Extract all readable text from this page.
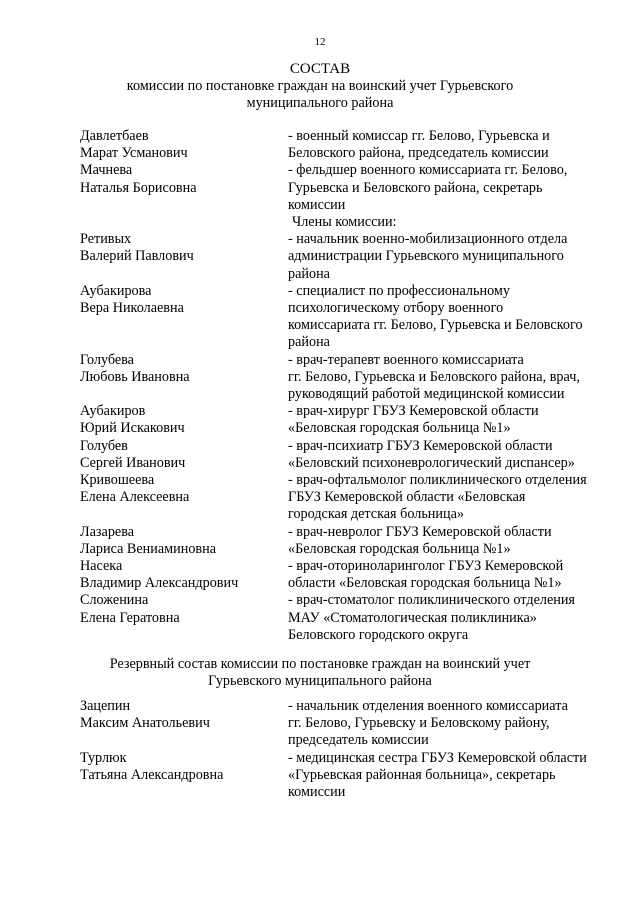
12
СОСТАВ
комиссии по постановке граждан на воинский учет Гурьевского
муниципального района
Давлетбаев
Марат Усманович

- военный комиссар гг. Белово, Гурьевска и

Беловского района, председатель комиссии

Мачнева
Наталья Борисовна

- фельдшер военного комиссариата гг. Белово,

Гурьевска и Беловского района, секретарь

комиссии

Члены комиссии:
Ретивых
Валерий Павлович

- начальник военно-мобилизационного отдела

администрации Гурьевского муниципального

района

Аубакирова
Вера Николаевна

- специалист по профессиональному

психологическому отбору военного

комиссариата гг. Белово, Гурьевска и Беловского

района

Голубева
Любовь Ивановна

- врач-терапевт военного комиссариата

гг. Белово, Гурьевска и Беловского района, врач,

руководящий работой медицинской комиссии

Аубакиров
Юрий Искакович

- врач-хирург ГБУЗ Кемеровской области

«Беловская городская больница №1»

Голубев
Сергей Иванович

- врач-психиатр ГБУЗ Кемеровской области

«Беловский психоневрологический диспансер»

Кривошеева
Елена Алексеевна

- врач-офтальмолог поликлинического отделения

ГБУЗ Кемеровской области «Беловская

городская детская больница»

Лазарева
Лариса Вениаминовна

- врач-невролог ГБУЗ Кемеровской области

«Беловская городская больница №1»

Насека
Владимир Александрович

- врач-оториноларинголог ГБУЗ Кемеровской

области «Беловская городская больница №1»

Сложенина
Елена Гератовна

- врач-стоматолог поликлинического отделения

МАУ «Стоматологическая поликлиника»

Беловского городского округа

Резервный состав комиссии по постановке граждан на воинский учет
Гурьевского муниципального района
Зацепин
Максим Анатольевич

- начальник отделения военного комиссариата

гг. Белово, Гурьевску и Беловскому району,

председатель комиссии

Турлюк
Татьяна Александровна

- медицинская сестра ГБУЗ Кемеровской области

«Гурьевская районная больница», секретарь

комиссии
